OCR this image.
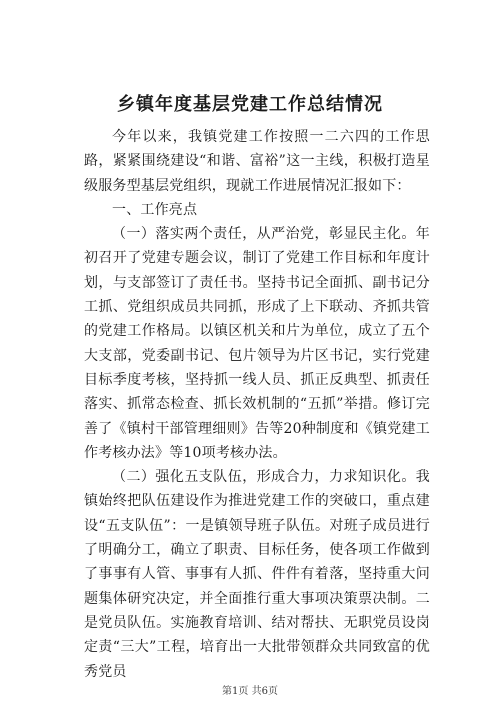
乡镇年度基层党建工作总结情况

今年以来，我镇党建工作按照一二六四的工作思路，紧紧围绕建设“和谐、富裕”这一主线，积极打造星级服务型基层党组织，现就工作进展情况汇报如下：

一、工作亮点

（一）落实两个责任，从严治党，彰显民主化。年初召开了党建专题会议，制订了党建工作目标和年度计划，与支部签订了责任书。坚持书记全面抓、副书记分工抓、党组织成员共同抓，形成了上下联动、齐抓共管的党建工作格局。以镇区机关和片为单位，成立了五个大支部，党委副书记、包片领导为片区书记，实行党建目标季度考核，坚持抓一线人员、抓正反典型、抓责任落实、抓常态检查、抓长效机制的“五抓”举措。修订完善了《镇村干部管理细则》告等20种制度和《镇党建工作考核办法》等10项考核办法。

（二）强化五支队伍，形成合力，力求知识化。我镇始终把队伍建设作为推进党建工作的突破口，重点建设“五支队伍”：一是镇领导班子队伍。对班子成员进行了明确分工，确立了职责、目标任务，使各项工作做到了事事有人管、事事有人抓、件件有着落，坚持重大问题集体研究决定，并全面推行重大事项决策票决制。二是党员队伍。实施教育培训、结对帮扶、无职党员设岗定责“三大”工程，培育出一大批带领群众共同致富的优秀党员

第1页 共6页
